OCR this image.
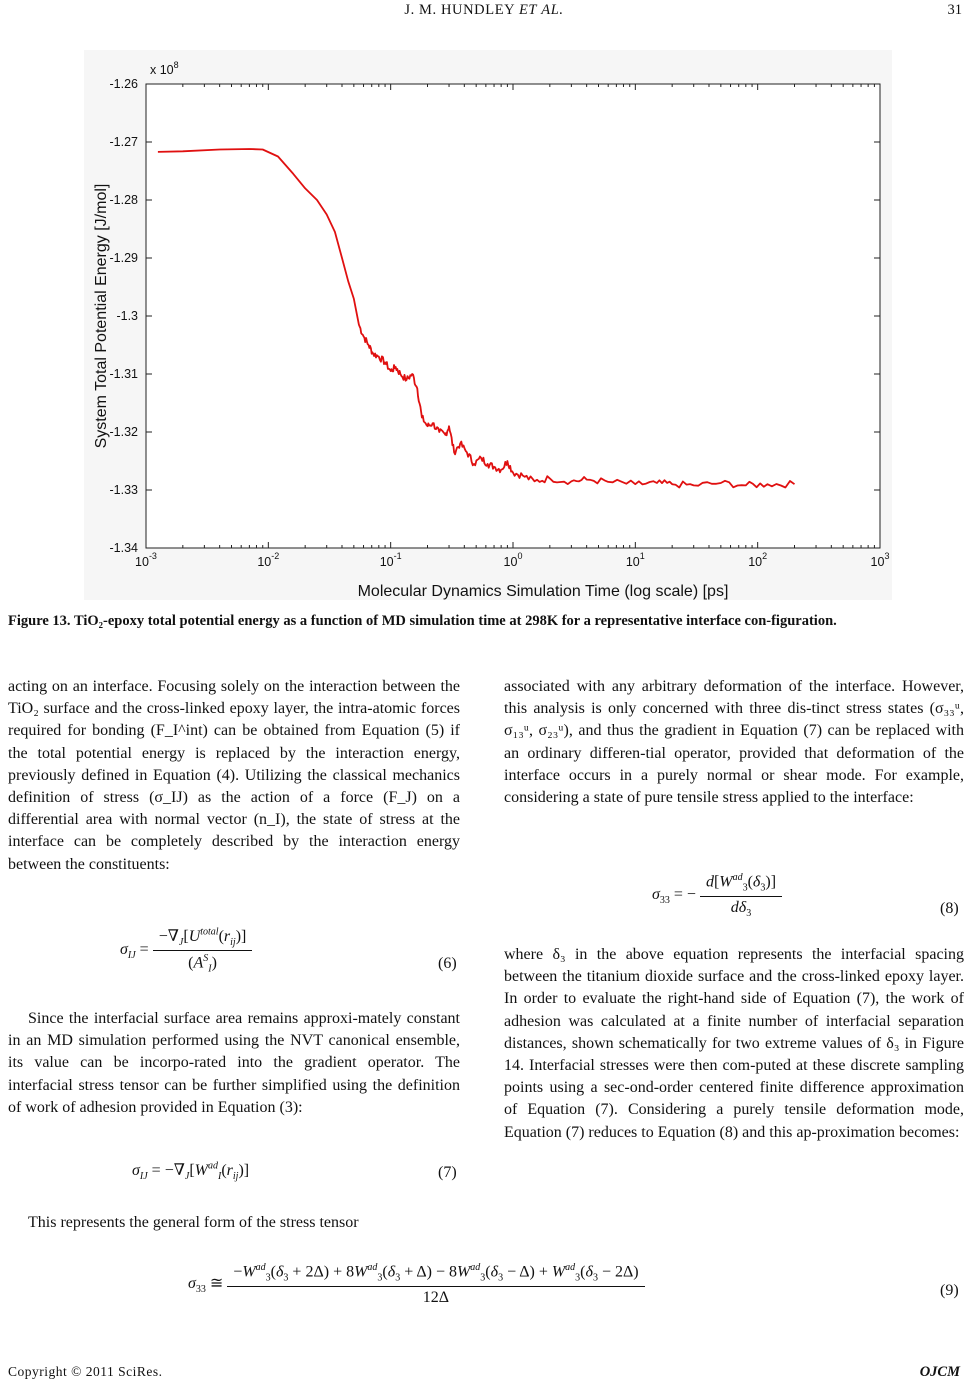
J. M. HUNDLEY ET AL.	31
-1.26
-1.27
-1.28
-1.29
-1.3
-1.31
-1.32
-1.33
-1.34
$10^{-3}$	$10^{-2}$	$10^{-1}$	$10^0$	$10^1$	$10^2$	$10^3$
x $10^8$
Molecular Dynamics Simulation Time (log scale) [ps]
System Total Potential Energy [J/mol]
Figure 13. TiO₂-epoxy total potential energy as a function of MD simulation time at 298K for a representative interface con-figuration.

acting on an interface. Focusing solely on the interaction between the TiO₂ surface and the cross-linked epoxy layer, the intra-atomic forces required for bonding (F_I^int) can be obtained from Equation (5) if the total potential energy is replaced by the interaction energy, previously defined in Equation (4). Utilizing the classical mechanics definition of stress (σ_IJ) as the action of a force (F_J) on a differential area with normal vector (n_I), the state of stress at the interface can be completely described by the interaction energy between the constituents:

$\sigma_{IJ} = \frac{-\nabla_J[U^{total}(r_{ij})]}{(A^S_I)}$	(6)

Since the interfacial surface area remains approxi-mately constant in an MD simulation performed using the NVT canonical ensemble, its value can be incorpo-rated into the gradient operator. The interfacial stress tensor can be further simplified using the definition of work of adhesion provided in Equation (3):

$\sigma_{IJ} = -\nabla_J[W^{ad}_I(r_{ij})]$	(7)

This represents the general form of the stress tensor

associated with any arbitrary deformation of the interface. However, this analysis is only concerned with three dis-tinct stress states (σ₃₃ᵘ, σ₁₃ᵘ, σ₂₃ᵘ), and thus the gradient in Equation (7) can be replaced with an ordinary differen-tial operator, provided that deformation of the interface occurs in a purely normal or shear mode. For example, considering a state of pure tensile stress applied to the interface:

$\sigma_{33}$ = − $\frac{d[W^{ad}_3(\delta_3)]}{d\delta_3}$	(8)

where δ₃ in the above equation represents the interfacial spacing between the titanium dioxide surface and the cross-linked epoxy layer. In order to evaluate the right-hand side of Equation (7), the work of adhesion was calculated at a finite number of interfacial separation distances, shown schematically for two extreme values of δ₃ in Figure 14. Interfacial stresses were then com-puted at these discrete sampling points using a sec-ond-order centered finite difference approximation of Equation (7). Considering a purely tensile deformation mode, Equation (7) reduces to Equation (8) and this ap-proximation becomes:

$\sigma_{33}$ ≅
$-W^{ad}_3(\delta_3 + 2\Delta) + 8W^{ad}_3(\delta_3 + \Delta) - 8W^{ad}_3(\delta_3 - \Delta) + W^{ad}_3(\delta_3 - 2\Delta)$
12Δ	(9)
Copyright © 2011 SciRes.	OJCM
